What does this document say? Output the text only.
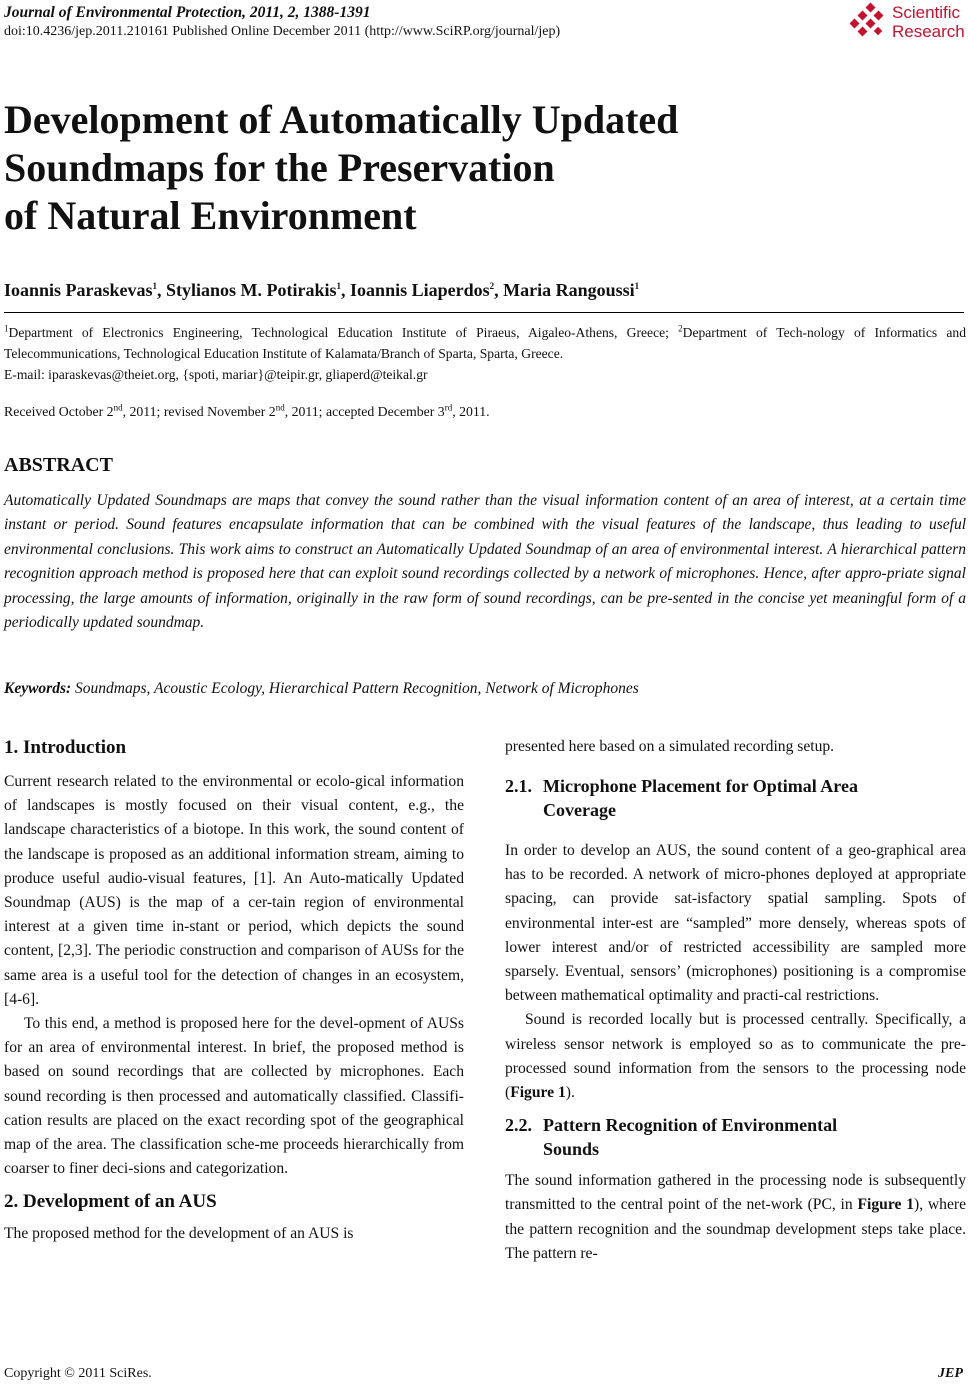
Journal of Environmental Protection, 2011, 2, 1388-1391
doi:10.4236/jep.2011.210161 Published Online December 2011 (http://www.SciRP.org/journal/jep)
Scientific
Research
Development of Automatically Updated
Soundmaps for the Preservation
of Natural Environment
Ioannis Paraskevas$^1$, Stylianos M. Potirakis$^1$, Ioannis Liaperdos$^2$, Maria Rangoussi$^1$
$^1$Department of Electronics Engineering, Technological Education Institute of Piraeus, Aigaleo-Athens, Greece; $^2$Department of Tech-nology of Informatics and Telecommunications, Technological Education Institute of Kalamata/Branch of Sparta, Sparta, Greece.
E-mail: iparaskevas@theiet.org, {spoti, mariar}@teipir.gr, gliaperd@teikal.gr
Received October 2nd, 2011; revised November 2nd, 2011; accepted December 3rd, 2011.
ABSTRACT
Automatically Updated Soundmaps are maps that convey the sound rather than the visual information content of an area of interest, at a certain time instant or period. Sound features encapsulate information that can be combined with the visual features of the landscape, thus leading to useful environmental conclusions. This work aims to construct an Automatically Updated Soundmap of an area of environmental interest. A hierarchical pattern recognition approach method is proposed here that can exploit sound recordings collected by a network of microphones. Hence, after appro-priate signal processing, the large amounts of information, originally in the raw form of sound recordings, can be pre-sented in the concise yet meaningful form of a periodically updated soundmap.
Keywords: Soundmaps, Acoustic Ecology, Hierarchical Pattern Recognition, Network of Microphones
1. Introduction

Current research related to the environmental or ecolo-gical information of landscapes is mostly focused on their visual content, e.g., the landscape characteristics of a biotope. In this work, the sound content of the landscape is proposed as an additional information stream, aiming to produce useful audio-visual features, [1]. An Auto-matically Updated Soundmap (AUS) is the map of a cer-tain region of environmental interest at a given time in-stant or period, which depicts the sound content, [2,3]. The periodic construction and comparison of AUSs for the same area is a useful tool for the detection of changes in an ecosystem, [4-6].

To this end, a method is proposed here for the devel-opment of AUSs for an area of environmental interest. In brief, the proposed method is based on sound recordings that are collected by microphones. Each sound recording is then processed and automatically classified. Classifi-cation results are placed on the exact recording spot of the geographical map of the area. The classification sche-me proceeds hierarchically from coarser to finer deci-sions and categorization.

2. Development of an AUS

The proposed method for the development of an AUS is

presented here based on a simulated recording setup.
2.1. Microphone Placement for Optimal Area
Coverage

In order to develop an AUS, the sound content of a geo-graphical area has to be recorded. A network of micro-phones deployed at appropriate spacing, can provide sat-isfactory spatial sampling. Spots of environmental inter-est are “sampled” more densely, whereas spots of lower interest and/or of restricted accessibility are sampled more sparsely. Eventual, sensors’ (microphones) positioning is a compromise between mathematical optimality and practi-cal restrictions.

Sound is recorded locally but is processed centrally. Specifically, a wireless sensor network is employed so as to communicate the pre-processed sound information from the sensors to the processing node (Figure 1).

2.2. Pattern Recognition of Environmental
Sounds

The sound information gathered in the processing node is subsequently transmitted to the central point of the net-work (PC, in Figure 1), where the pattern recognition and the soundmap development steps take place. The pattern re-

Copyright © 2011 SciRes.	JEP
